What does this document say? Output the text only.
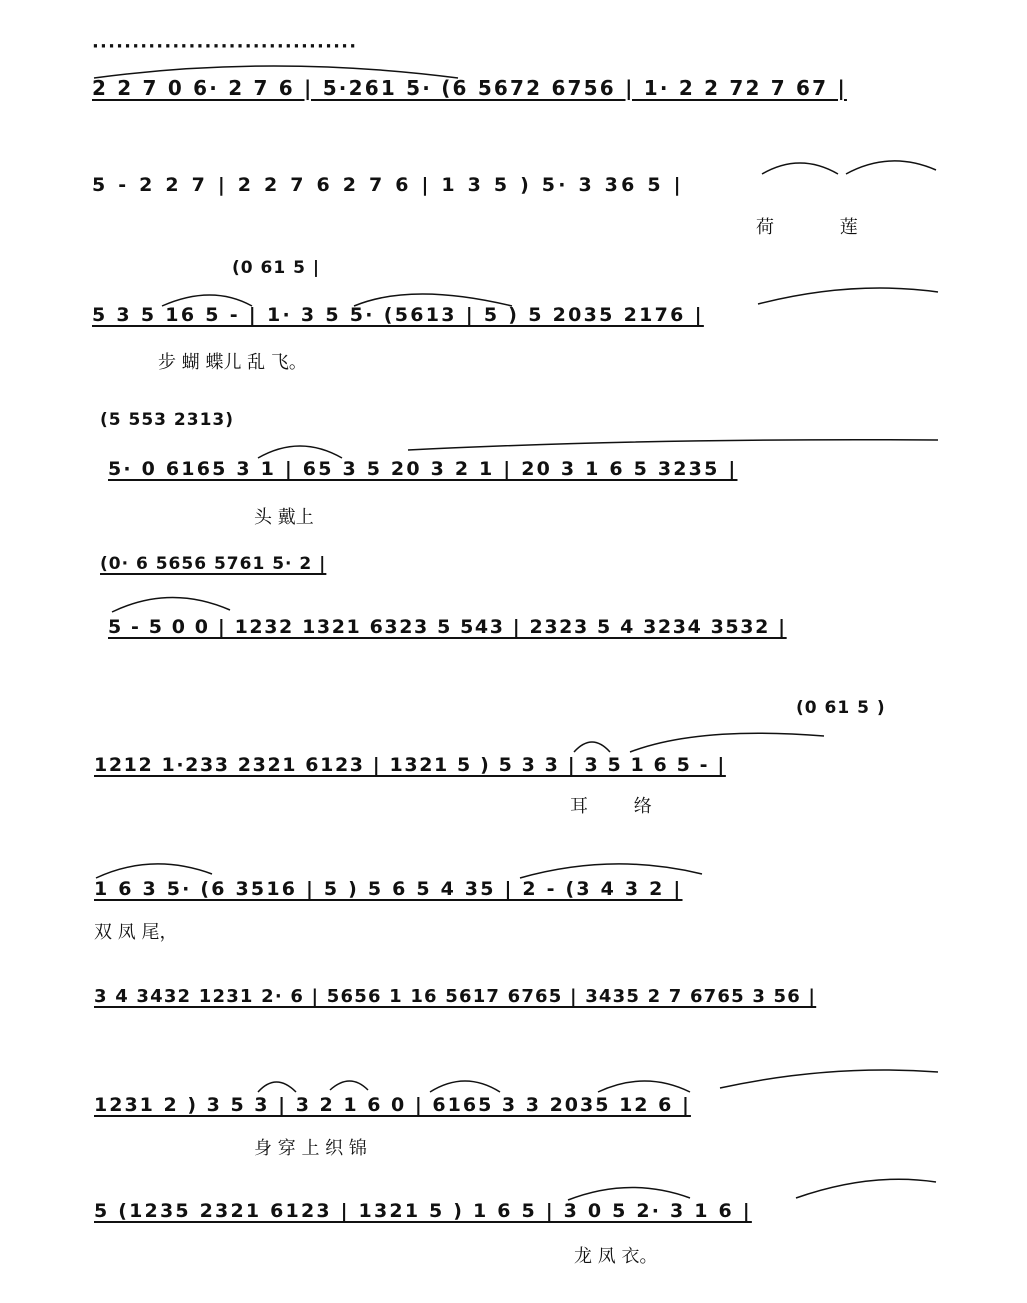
·································
2 2 7 0 6· 2 7 6 | 5·261 5· (6 5672 6756 | 1· 2 2 72 7 67 |
5 - 2 2 7 | 2 2 7 6 2 7 6 | 1 3 5 ) 5· 3 36 5 |
荷 莲
(0 61 5 |
5 3 5 16 5 - | 1· 3 5 5· (5613 | 5 ) 5 2035 2176 |
步 蝴 蝶儿 乱 飞。
(5 553 2313)
5· 0 6165 3 1 | 65 3 5 20 3 2 1 | 20 3 1 6 5 3235 |
头 戴上
(0· 6 5656 5761 5· 2 |
5 - 5 0 0 | 1232 1321 6323 5 543 | 2323 5 4 3234 3532 |
(0 61 5 )
1212 1·233 2321 6123 | 1321 5 ) 5 3 3 | 3 5 1 6 5 - |
耳 络
1 6 3 5· (6 3516 | 5 ) 5 6 5 4 35 | 2 - (3 4 3 2 |
双 凤 尾，
3 4 3432 1231 2· 6 | 5656 1 16 5617 6765 | 3435 2 7 6765 3 56 |
1231 2 ) 3 5 3 | 3 2 1 6 0 | 6165 3 3 2035 12 6 |
身 穿 上 织 锦
5 (1235 2321 6123 | 1321 5 ) 1 6 5 | 3 0 5 2· 3 1 6 |
龙 凤 衣。
